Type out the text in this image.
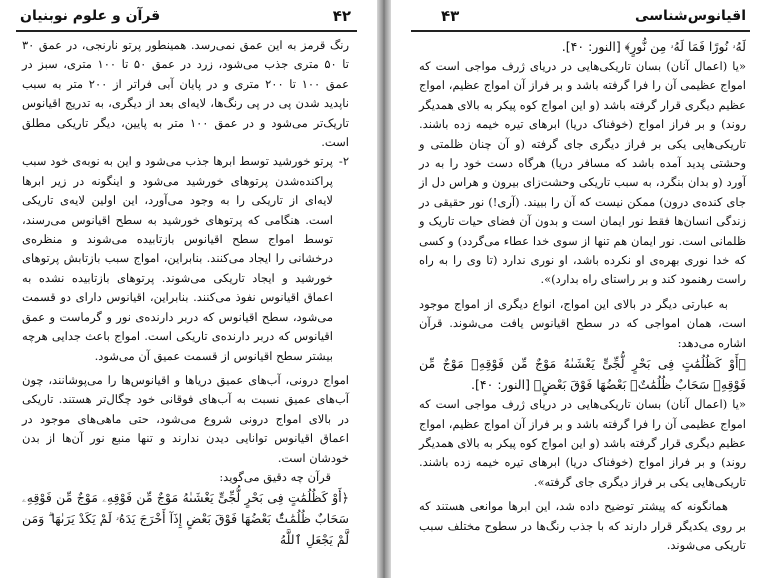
قرآن و علوم نوبنیان	۴۲

رنگ قرمز به این عمق نمی‌رسد. همینطور پرتو نارنجی، در عمق ۳۰ تا ۵۰ متری جذب می‌شود، زرد در عمق ۵۰ تا ۱۰۰ متری، سبز در عمق ۱۰۰ تا ۲۰۰ متری و در پایان آبی فراتر از ۲۰۰ متر به سبب ناپدید شدن پی در پی رنگ‌ها، لایه‌ای بعد از دیگری، به تدریج اقیانوس تاریک‌تر می‌شود و در عمق ۱۰۰ متر به پایین، دیگر تاریکی مطلق است.

۲-

پرتو خورشید توسط ابرها جذب می‌شود و این به نوبه‌ی خود سبب پراکنده‌شدن پرتوهای خورشید می‌شود و اینگونه در زیر ابرها لایه‌ای از تاریکی را به وجود می‌آورد، این اولین لایه‌ی تاریکی است. هنگامی که پرتوهای خورشید به سطح اقیانوس می‌رسند، توسط امواج سطح اقیانوس بازتابیده می‌شوند و منظره‌ی درخشانی را ایجاد می‌کنند. بنابراین، امواج سبب بازتابش پرتوهای خورشید و ایجاد تاریکی می‌شوند. پرتوهای بازتابیده نشده به اعماق اقیانوس نفوذ می‌کنند. بنابراین، اقیانوس دارای دو قسمت می‌شود، سطح اقیانوس که دربر دارنده‌ی نور و گرماست و عمق اقیانوس که دربر دارنده‌ی تاریکی است. امواج باعث جدایی هرچه بیشتر سطح اقیانوس از قسمت عمیق آن می‌شود.

امواج درونی، آب‌های عمیق دریاها و اقیانوس‌ها را می‌پوشانند، چون آب‌های عمیق نسبت به آب‌های فوقانی خود چگال‌تر هستند. تاریکی در بالای امواج درونی شروع می‌شود، حتی ماهی‌های موجود در اعماق اقیانوس توانایی دیدن ندارند و تنها منبع نور آن‌ها از بدن خودشان است.

قرآن چه دقیق می‌گوید:

﴿أَوْ كَظُلُمَٰتٍ فِى بَحْرٍ لُّجِّىٍّ يَغْشَىٰهُ مَوْجٌ مِّن فَوْقِهِۦ مَوْجٌ مِّن فَوْقِهِۦ سَحَابٌ ظُلُمَٰتٌۢ بَعْضُهَا فَوْقَ بَعْضٍ إِذَآ أَخْرَجَ يَدَهُۥ لَمْ يَكَدْ يَرَىٰهَا ۗ وَمَن لَّمْ يَجْعَلِ ٱللَّهُ

اقیانوس‌شناسی
۴۳

لَهُۥ نُورًا فَمَا لَهُۥ مِن نُّورٍ﴾ [النور: ۴۰].

«یا (اعمال آنان) بسان تاریکی‌هایی در دریای ژرف مواجی است که امواج عظیمی آن را فرا گرفته باشد و بر فراز آن امواج عظیم، امواج عظیم دیگری قرار گرفته باشد (و این امواج کوه پیکر به بالای همدیگر روند) و بر فراز امواج (خوفناک دریا) ابرهای تیره خیمه زده باشند. تاریکی‌هایی یکی بر فراز دیگری جای گرفته (و آن چنان ظلمتی و وحشتی پدید آمده باشد که مسافر دریا) هرگاه دست خود را به در آورد (و بدان بنگرد، به سبب تاریکی وحشت‌زای بیرون و هراس دل از جای کنده‌ی درون) ممکن نیست که آن را ببیند. (آری!) نور حقیقی در زندگی انسان‌ها فقط نور ایمان است و بدون آن فضای حیات تاریک و ظلمانی است. نور ایمان هم تنها از سوی خدا عطاء می‌گردد) و کسی که خدا نوری بهره‌ی او نکرده باشد، او نوری ندارد (تا وی را به راه راست رهنمود کند و بر راستای راه بدارد)».

به عبارتی دیگر در بالای این امواج، انواع دیگری از امواج موجود است، همان امواجی که در سطح اقیانوس یافت می‌شوند. قرآن اشاره می‌دهد:

﴿أَوْ كَظُلُمَٰتٍ فِى بَحْرٍ لُّجِّىٍّ يَغْشَىٰهُ مَوْجٌ مِّن فَوْقِهِۦ مَوْجٌ مِّن فَوْقِهِۦ سَحَابٌ ظُلُمَٰتٌۢ بَعْضُهَا فَوْقَ بَعْضٍ﴾ [النور: ۴۰].

«یا (اعمال آنان) بسان تاریکی‌هایی در دریای ژرف مواجی است که امواج عظیمی آن را فرا گرفته باشد و بر فراز آن امواج عظیم، امواج عظیم دیگری قرار گرفته باشد (و این امواج کوه پیکر به بالای همدیگر روند) و بر فراز امواج (خوفناک دریا) ابرهای تیره خیمه زده باشند. تاریکی‌هایی یکی بر فراز دیگری جای گرفته».

همانگونه که پیشتر توضیح داده شد، این ابرها موانعی هستند که بر روی یکدیگر قرار دارند که با جذب رنگ‌ها در سطوح مختلف سبب تاریکی می‌شوند.
